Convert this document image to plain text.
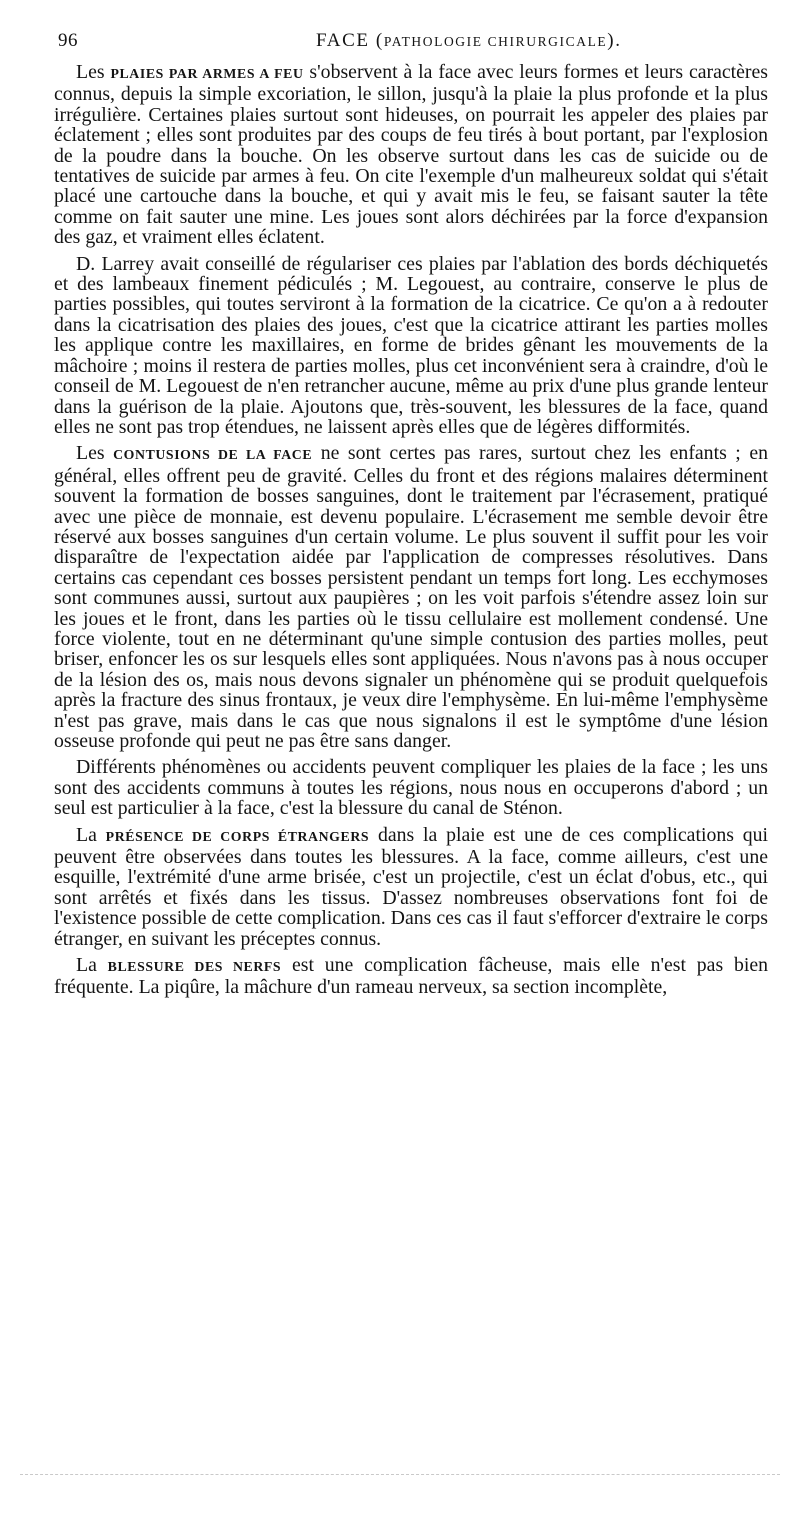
96	FACE (PATHOLOGIE CHIRURGICALE).

Les PLAIES PAR ARMES A FEU s'observent à la face avec leurs formes et leurs caractères connus, depuis la simple excoriation, le sillon, jusqu'à la plaie la plus profonde et la plus irrégulière. Certaines plaies surtout sont hideuses, on pourrait les appeler des plaies par éclatement ; elles sont produites par des coups de feu tirés à bout portant, par l'explosion de la poudre dans la bouche. On les observe surtout dans les cas de suicide ou de tentatives de suicide par armes à feu. On cite l'exemple d'un malheureux soldat qui s'était placé une cartouche dans la bouche, et qui y avait mis le feu, se faisant sauter la tête comme on fait sauter une mine. Les joues sont alors déchirées par la force d'expansion des gaz, et vraiment elles éclatent.

D. Larrey avait conseillé de régulariser ces plaies par l'ablation des bords déchiquetés et des lambeaux finement pédiculés ; M. Legouest, au contraire, conserve le plus de parties possibles, qui toutes serviront à la formation de la cicatrice. Ce qu'on a à redouter dans la cicatrisation des plaies des joues, c'est que la cicatrice attirant les parties molles les applique contre les maxillaires, en forme de brides gênant les mouvements de la mâchoire ; moins il restera de parties molles, plus cet inconvénient sera à craindre, d'où le conseil de M. Legouest de n'en retrancher aucune, même au prix d'une plus grande lenteur dans la guérison de la plaie. Ajoutons que, très-souvent, les blessures de la face, quand elles ne sont pas trop étendues, ne laissent après elles que de légères difformités.

Les CONTUSIONS DE LA FACE ne sont certes pas rares, surtout chez les enfants ; en général, elles offrent peu de gravité. Celles du front et des régions malaires déterminent souvent la formation de bosses sanguines, dont le traitement par l'écrasement, pratiqué avec une pièce de monnaie, est devenu populaire. L'écrasement me semble devoir être réservé aux bosses sanguines d'un certain volume. Le plus souvent il suffit pour les voir disparaître de l'expectation aidée par l'application de compresses résolutives. Dans certains cas cependant ces bosses persistent pendant un temps fort long. Les ecchymoses sont communes aussi, surtout aux paupières ; on les voit parfois s'étendre assez loin sur les joues et le front, dans les parties où le tissu cellulaire est mollement condensé. Une force violente, tout en ne déterminant qu'une simple contusion des parties molles, peut briser, enfoncer les os sur lesquels elles sont appliquées. Nous n'avons pas à nous occuper de la lésion des os, mais nous devons signaler un phénomène qui se produit quelquefois après la fracture des sinus frontaux, je veux dire l'emphysème. En lui-même l'emphysème n'est pas grave, mais dans le cas que nous signalons il est le symptôme d'une lésion osseuse profonde qui peut ne pas être sans danger.

Différents phénomènes ou accidents peuvent compliquer les plaies de la face ; les uns sont des accidents communs à toutes les régions, nous nous en occuperons d'abord ; un seul est particulier à la face, c'est la blessure du canal de Sténon.

La PRÉSENCE DE CORPS ÉTRANGERS dans la plaie est une de ces complications qui peuvent être observées dans toutes les blessures. A la face, comme ailleurs, c'est une esquille, l'extrémité d'une arme brisée, c'est un projectile, c'est un éclat d'obus, etc., qui sont arrêtés et fixés dans les tissus. D'assez nombreuses observations font foi de l'existence possible de cette complication. Dans ces cas il faut s'efforcer d'extraire le corps étranger, en suivant les préceptes connus.

La BLESSURE DES NERFS est une complication fâcheuse, mais elle n'est pas bien fréquente. La piqûre, la mâchure d'un rameau nerveux, sa section incomplète,
